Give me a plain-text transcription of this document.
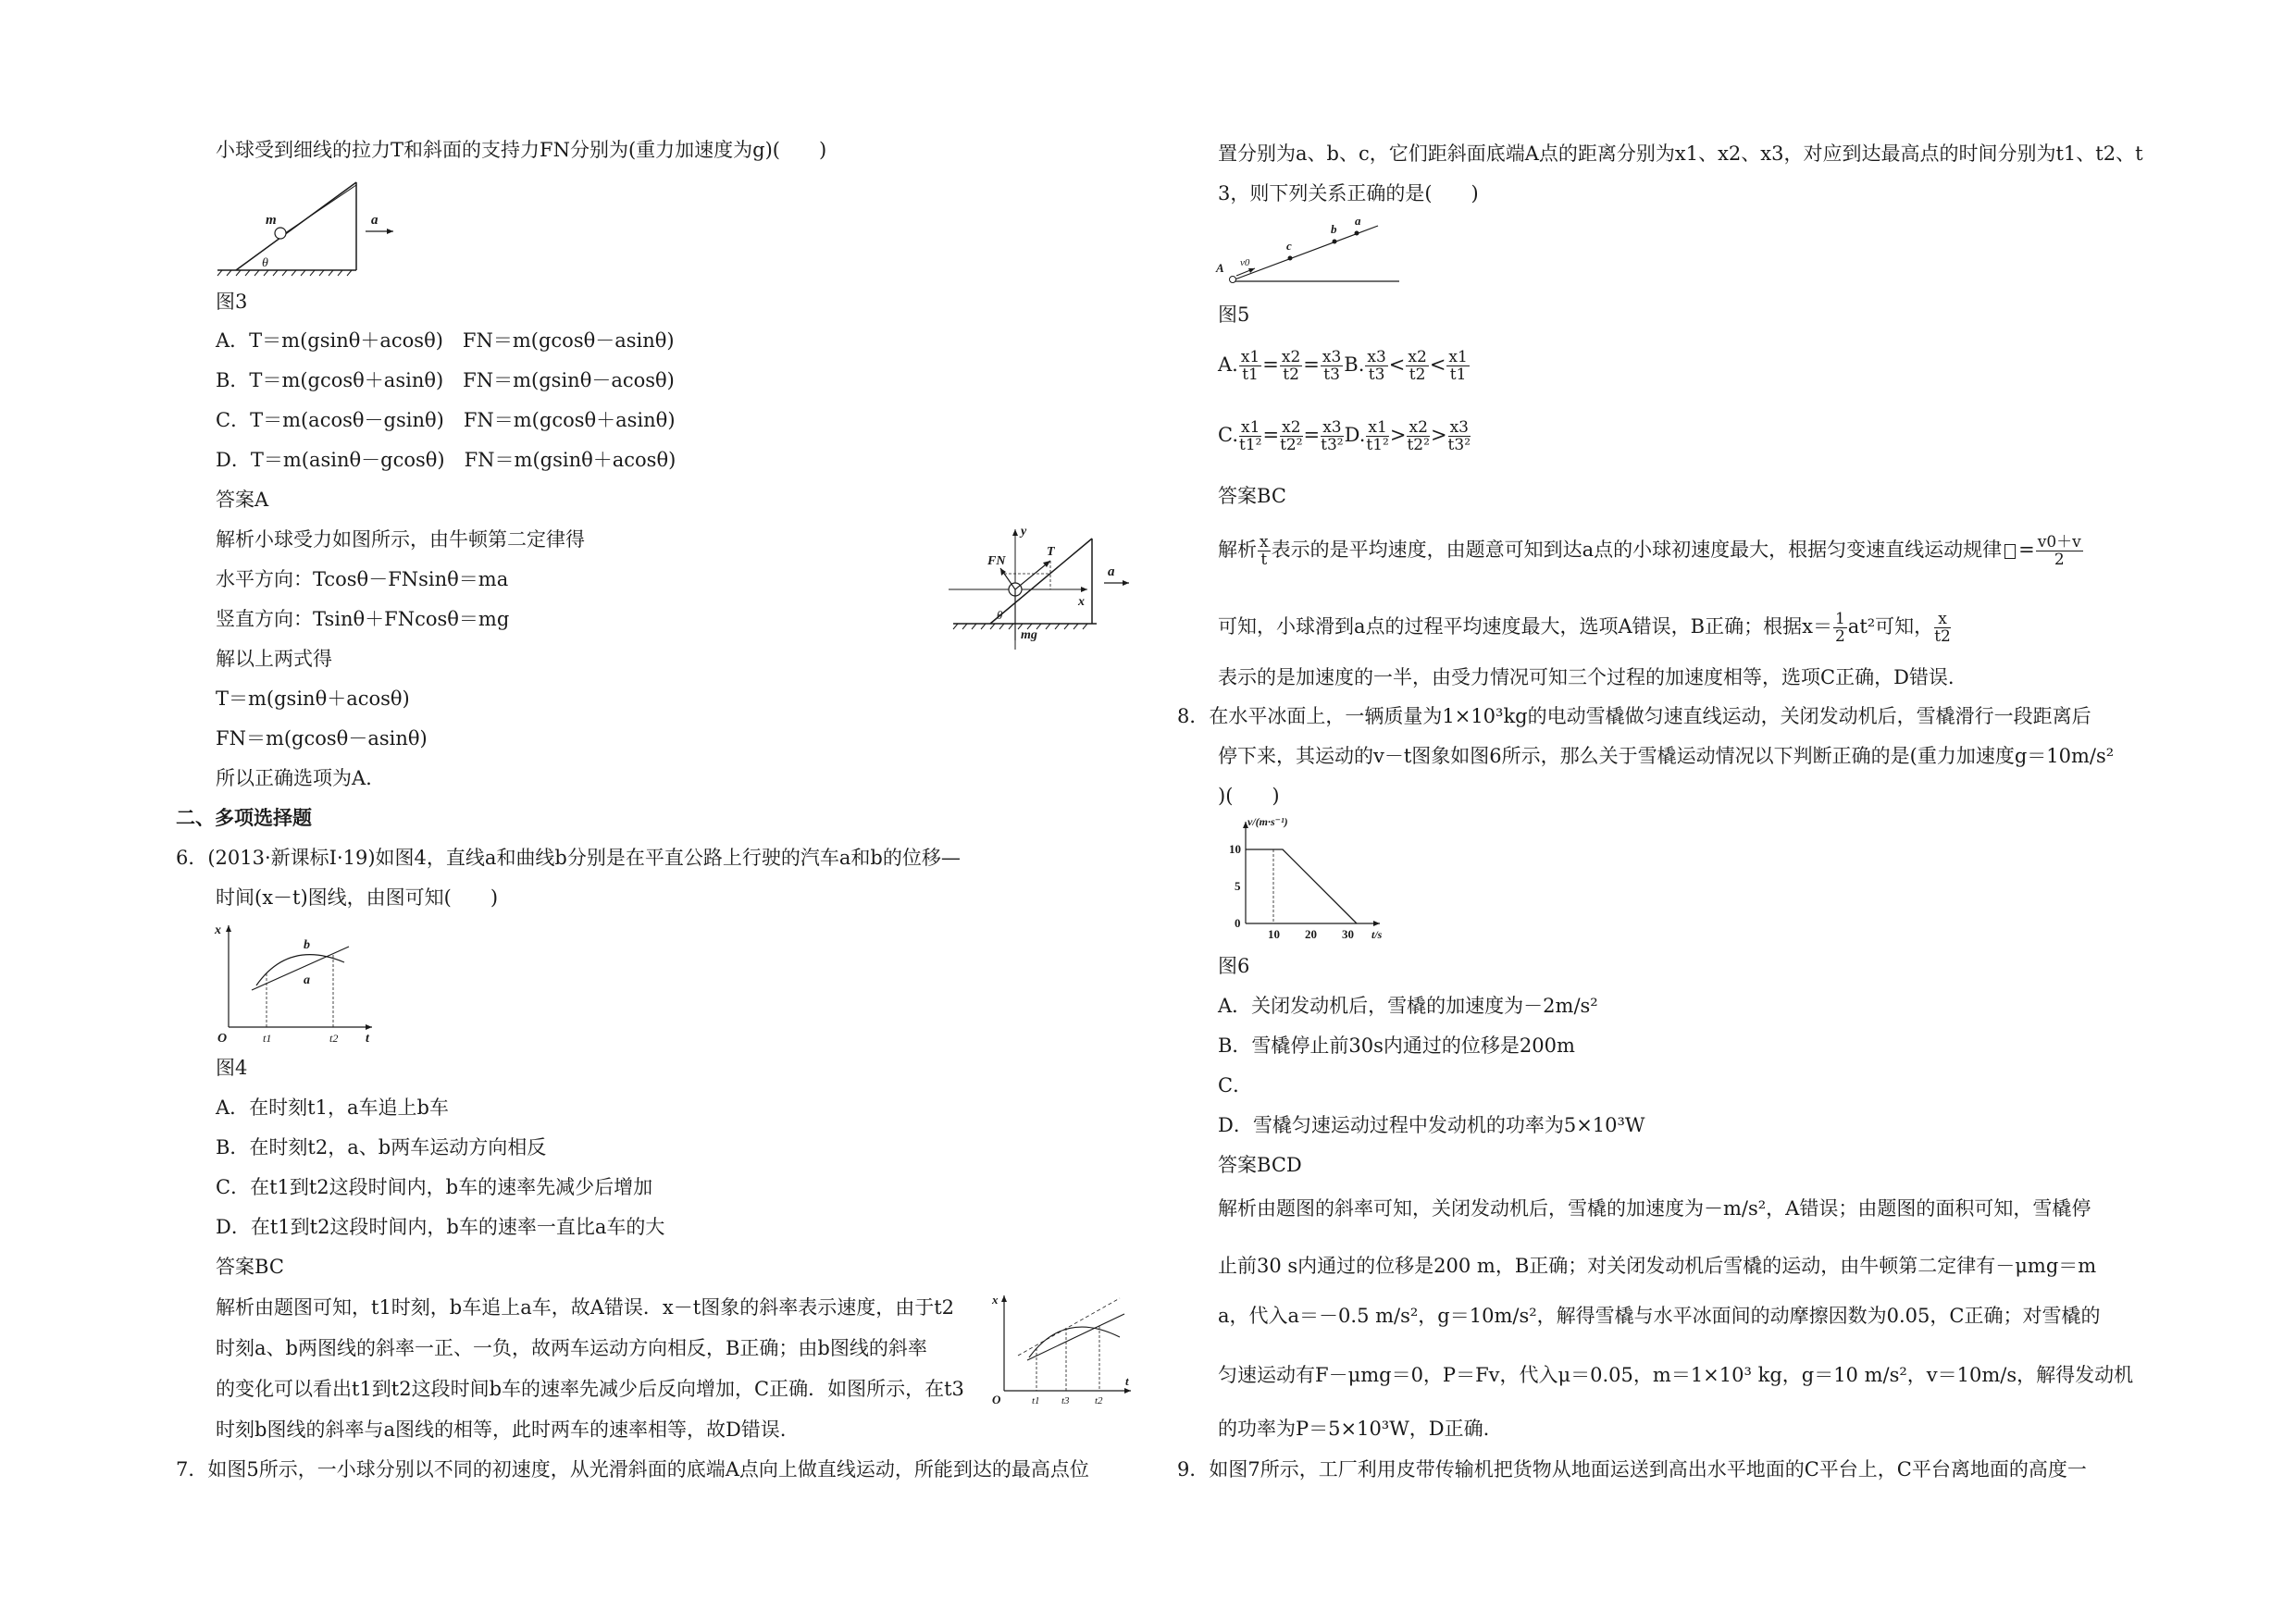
小球受到细线的拉力T和斜面的支持力FN分别为(重力加速度为g)(　　)
m
θ
a
图3
A．T＝m(gsinθ＋acosθ)　FN＝m(gcosθ－asinθ)
B．T＝m(gcosθ＋asinθ)　FN＝m(gsinθ－acosθ)
C．T＝m(acosθ－gsinθ)　FN＝m(gcosθ＋asinθ)
D．T＝m(asinθ－gcosθ)　FN＝m(gsinθ＋acosθ)
答案A
解析小球受力如图所示，由牛顿第二定律得
水平方向：Tcosθ－FNsinθ＝ma
竖直方向：Tsinθ＋FNcosθ＝mg
解以上两式得
T＝m(gsinθ＋acosθ)
FN＝m(gcosθ－asinθ)
所以正确选项为A.
FN
T
x
y
θ
mg
a
二、多项选择题
6．(2013·新课标Ⅰ·19)如图4，直线a和曲线b分别是在平直公路上行驶的汽车a和b的位移—
时间(x－t)图线，由图可知(　　)
x
t
O
b
a
t1	t2
图4
A．在时刻t1，a车追上b车
B．在时刻t2，a、b两车运动方向相反
C．在t1到t2这段时间内，b车的速率先减少后增加
D．在t1到t2这段时间内，b车的速率一直比a车的大
答案BC
解析由题图可知，t1时刻，b车追上a车，故A错误．x－t图象的斜率表示速度，由于t2
时刻a、b两图线的斜率一正、一负，故两车运动方向相反，B正确；由b图线的斜率
的变化可以看出t1到t2这段时间b车的速率先减少后反向增加，C正确．如图所示，在t3
时刻b图线的斜率与a图线的相等，此时两车的速率相等，故D错误.
x
t
O	t1 t3 t2
7．如图5所示，一小球分别以不同的初速度，从光滑斜面的底端A点向上做直线运动，所能到达的最高点位
置分别为a、b、c，它们距斜面底端A点的距离分别为x1、x2、x3，对应到达最高点的时间分别为t1、t2、t
3，则下列关系正确的是(　　)
A v0
c
b
a
图5
A. $\frac{x1}{t1} = \frac{x2}{t2} = \frac{x3}{t3} B$. $\frac{x3}{t3} < \frac{x2}{t2} < \frac{x1}{t1}$
C. $\frac{x1}{\text{t1²}} = \frac{x2}{\text{t2²}} = \frac{x3}{\text{t3²}} D$. $\frac{x1}{\text{t1²}} > \frac{x2}{\text{t2²}} > \frac{x3}{\text{t3²}}$
答案BC
解析 $\frac{x}{t}$ 表示的是平均速度，由题意可知到达a点的小球初速度最大，根据匀变速直线运动规律 = $\frac{v0+v}{2}$
可知，小球滑到a点的过程平均速度最大，选项A错误，B正确；根据$x= \frac{1}{2} at^2$可知， $\frac{x}{t2}$
表示的是加速度的一半，由受力情况可知三个过程的加速度相等，选项C正确，D错误.
8．在水平冰面上，一辆质量为1×10³kg的电动雪橇做匀速直线运动，关闭发动机后，雪橇滑行一段距离后
停下来，其运动的v－t图象如图6所示，那么关于雪橇运动情况以下判断正确的是(重力加速度g＝10m/s²
)(　　)
v/(m·s⁻¹)
t/s
10
5
0
10 20 30
图6
A．关闭发动机后，雪橇的加速度为－2m/s²
B．雪橇停止前30s内通过的位移是200m
C．
D．雪橇匀速运动过程中发动机的功率为5×10³W
答案BCD
解析由题图的斜率可知，关闭发动机后，雪橇的加速度为－m/s²，A错误；由题图的面积可知，雪橇停
止前30 s内通过的位移是200 m，B正确；对关闭发动机后雪橇的运动，由牛顿第二定律有－μmg＝m
a，代入a＝－0.5 m/s²，g＝10m/s²，解得雪橇与水平冰面间的动摩擦因数为0.05，C正确；对雪橇的
匀速运动有F－μmg＝0，P＝Fv，代入μ＝0.05，m＝1×10³ kg，g＝10 m/s²，v＝10m/s，解得发动机
的功率为P＝5×10³W，D正确.
9．如图7所示，工厂利用皮带传输机把货物从地面运送到高出水平地面的C平台上，C平台离地面的高度一
